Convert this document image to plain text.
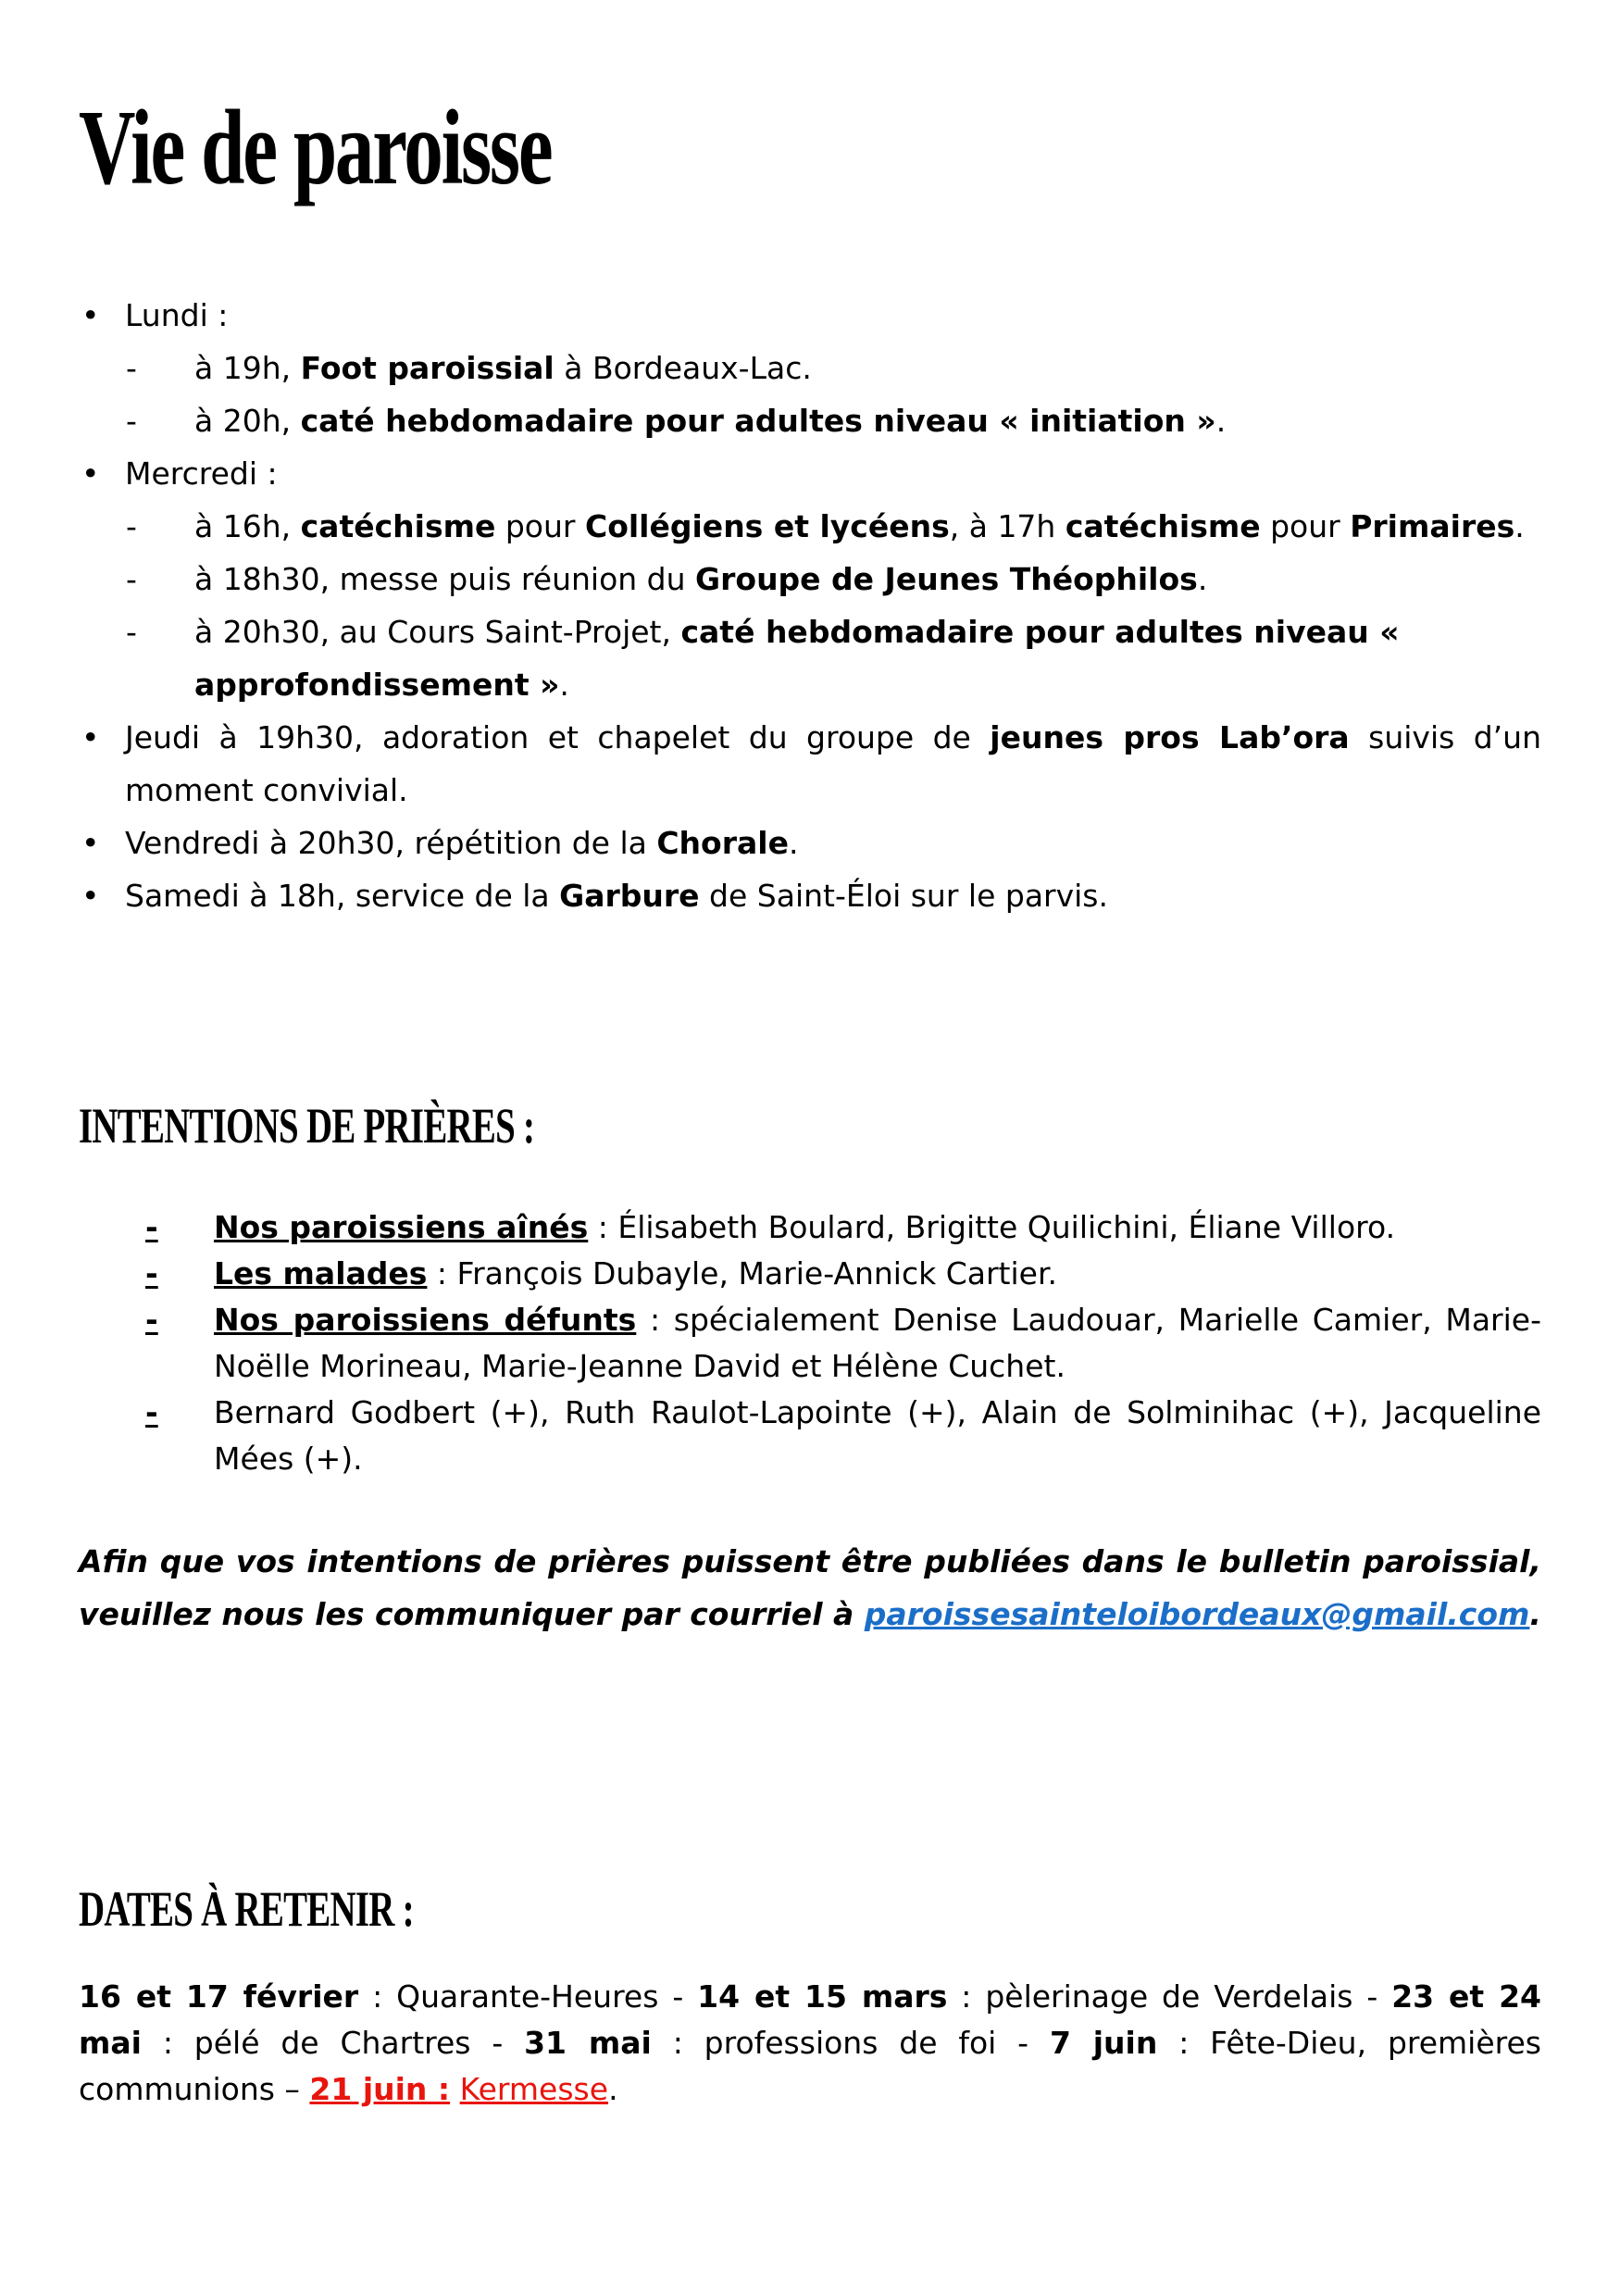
Vie de paroisse
• Lundi :
- à 19h, Foot paroissial à Bordeaux-Lac.
- à 20h, caté hebdomadaire pour adultes niveau « initiation ».
• Mercredi :
- à 16h, catéchisme pour Collégiens et lycéens, à 17h catéchisme pour Primaires.
- à 18h30, messe puis réunion du Groupe de Jeunes Théophilos.
- à 20h30, au Cours Saint-Projet, caté hebdomadaire pour adultes niveau « approfondissement ».
• Jeudi à 19h30, adoration et chapelet du groupe de jeunes pros Lab’ora suivis d’un moment convivial.
• Vendredi à 20h30, répétition de la Chorale.
• Samedi à 18h, service de la Garbure de Saint-Éloi sur le parvis.
INTENTIONS DE PRIÈRES :
- Nos paroissiens aînés : Élisabeth Boulard, Brigitte Quilichini, Éliane Villoro.
- Les malades : François Dubayle, Marie-Annick Cartier.
- Nos paroissiens défunts : spécialement Denise Laudouar, Marielle Camier, Marie-Noëlle Morineau, Marie-Jeanne David et Hélène Cuchet.
- Bernard Godbert (+), Ruth Raulot-Lapointe (+), Alain de Solminihac (+), Jacqueline Mées (+).

Afin que vos intentions de prières puissent être publiées dans le bulletin paroissial, veuillez nous les communiquer par courriel à paroissesainteloibordeaux@gmail.com.

DATES À RETENIR :

16 et 17 février : Quarante-Heures - 14 et 15 mars : pèlerinage de Verdelais - 23 et 24 mai : pélé de Chartres - 31 mai : professions de foi - 7 juin : Fête-Dieu, premières communions – 21 juin : Kermesse.
